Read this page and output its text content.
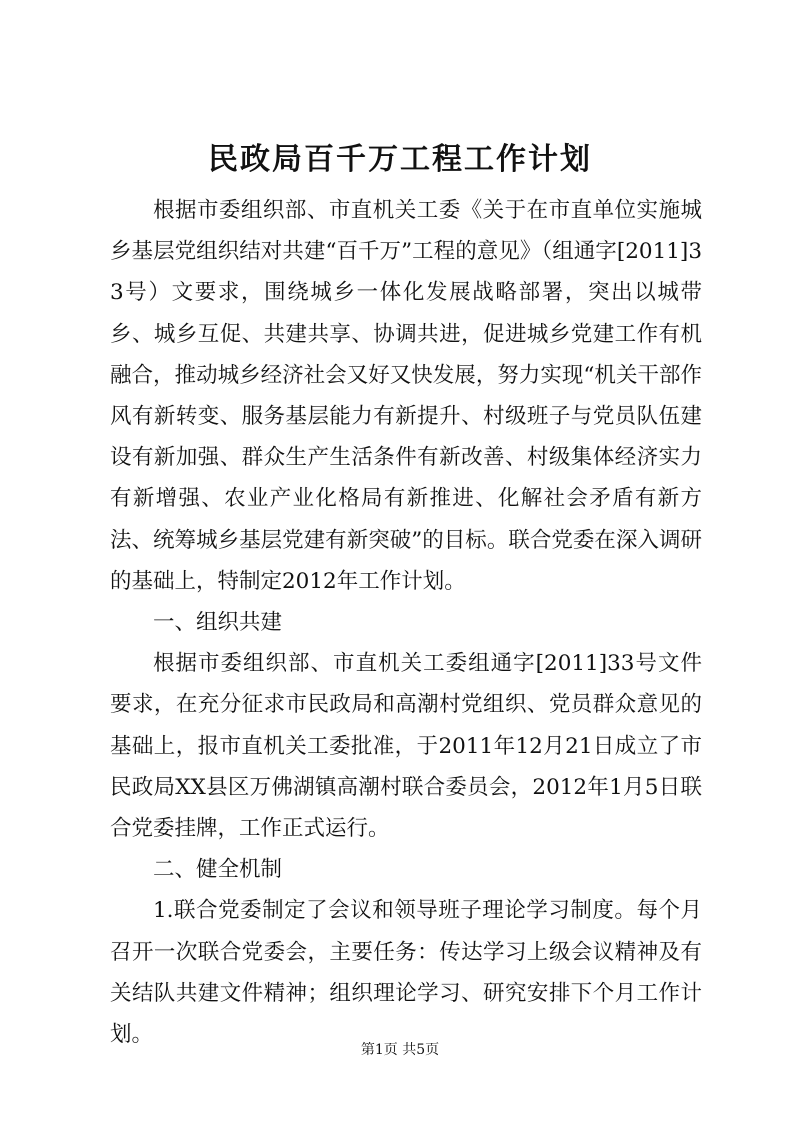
民政局百千万工程工作计划

根据市委组织部、市直机关工委《关于在市直单位实施城乡基层党组织结对共建“百千万”工程的意见》（组通字[2011]33号）文要求，围绕城乡一体化发展战略部署，突出以城带乡、城乡互促、共建共享、协调共进，促进城乡党建工作有机融合，推动城乡经济社会又好又快发展，努力实现“机关干部作风有新转变、服务基层能力有新提升、村级班子与党员队伍建设有新加强、群众生产生活条件有新改善、村级集体经济实力有新增强、农业产业化格局有新推进、化解社会矛盾有新方法、统筹城乡基层党建有新突破”的目标。联合党委在深入调研的基础上，特制定2012年工作计划。

一、组织共建

根据市委组织部、市直机关工委组通字[2011]33号文件要求，在充分征求市民政局和高潮村党组织、党员群众意见的基础上，报市直机关工委批准，于2011年12月21日成立了市民政局XX县区万佛湖镇高潮村联合委员会，2012年1月5日联合党委挂牌，工作正式运行。

二、健全机制

1.联合党委制定了会议和领导班子理论学习制度。每个月召开一次联合党委会，主要任务：传达学习上级会议精神及有关结队共建文件精神；组织理论学习、研究安排下个月工作计划。

第1页 共5页
